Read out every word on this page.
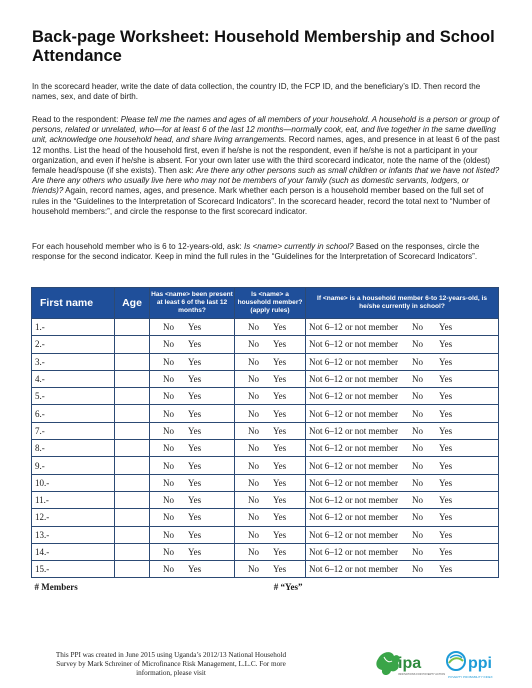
Back-page Worksheet: Household Membership and School Attendance

In the scorecard header, write the date of data collection, the country ID, the FCP ID, and the beneficiary’s ID. Then record the names, sex, and date of birth.

Read to the respondent: Please tell me the names and ages of all members of your household. A household is a person or group of persons, related or unrelated, who—for at least 6 of the last 12 months—normally cook, eat, and live together in the same dwelling unit, acknowledge one household head, and share living arrangements. Record names, ages, and presence in at least 6 of the past 12 months. List the head of the household first, even if he/she is not the respondent, even if he/she is not a participant in your organization, and even if he/she is absent. For your own later use with the third scorecard indicator, note the name of the (oldest) female head/spouse (if she exists). Then ask: Are there any other persons such as small children or infants that we have not listed? Are there any others who usually live here who may not be members of your family (such as domestic servants, lodgers, or friends)? Again, record names, ages, and presence. Mark whether each person is a household member based on the full set of rules in the “Guidelines to the Interpretation of Scorecard Indicators”. In the scorecard header, record the total next to “Number of household members:”, and circle the response to the first scorecard indicator.

For each household member who is 6 to 12-years-old, ask: Is <name> currently in school? Based on the responses, circle the response for the second indicator. Keep in mind the full rules in the “Guidelines for the Interpretation of Scorecard Indicators”.

First name	Age	Has <name> been present at least 6 of the last 12 months?	Is <name> a household member? (apply rules)	If <name> is a household member 6-to 12-years-old, is he/she currently in school?
1.-		No Yes	No Yes	Not 6–12 or not member No Yes
2.-		No Yes	No Yes	Not 6–12 or not member No Yes
3.-		No Yes	No Yes	Not 6–12 or not member No Yes
4.-		No Yes	No Yes	Not 6–12 or not member No Yes
5.-		No Yes	No Yes	Not 6–12 or not member No Yes
6.-		No Yes	No Yes	Not 6–12 or not member No Yes
7.-		No Yes	No Yes	Not 6–12 or not member No Yes
8.-		No Yes	No Yes	Not 6–12 or not member No Yes
9.-		No Yes	No Yes	Not 6–12 or not member No Yes
10.-		No Yes	No Yes	Not 6–12 or not member No Yes
11.-		No Yes	No Yes	Not 6–12 or not member No Yes
12.-		No Yes	No Yes	Not 6–12 or not member No Yes
13.-		No Yes	No Yes	Not 6–12 or not member No Yes
14.-		No Yes	No Yes	Not 6–12 or not member No Yes
15.-		No Yes	No Yes	Not 6–12 or not member No Yes
# Members			# “Yes”	
This PPI was created in June 2015 using Uganda’s 2012/13 National Household Survey by Mark Schreiner of Microfinance Risk Management, L.L.C. For more information, please visit
ipa
INNOVATIONS FOR POVERTY ACTION
ppi
POVERTY PROBABILITY INDEX
